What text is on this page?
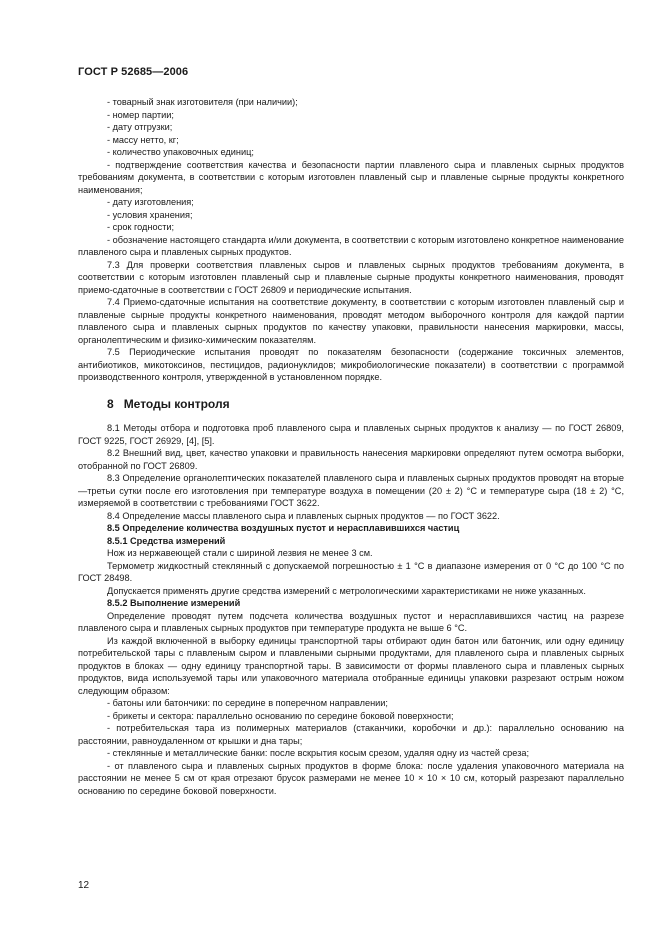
ГОСТ Р 52685—2006

- товарный знак изготовителя (при наличии);

- номер партии;

- дату отгрузки;

- массу нетто, кг;

- количество упаковочных единиц;

- подтверждение соответствия качества и безопасности партии плавленого сыра и плавленых сырных продуктов требованиям документа, в соответствии с которым изготовлен плавленый сыр и плавленые сырные продукты конкретного наименования;

- дату изготовления;

- условия хранения;

- срок годности;

- обозначение настоящего стандарта и/или документа, в соответствии с которым изготовлено конкретное наименование плавленого сыра и плавленых сырных продуктов.

7.3 Для проверки соответствия плавленых сыров и плавленых сырных продуктов требованиям документа, в соответствии с которым изготовлен плавленый сыр и плавленые сырные продукты конкретного наименования, проводят приемо-сдаточные в соответствии с ГОСТ 26809 и периодические испытания.

7.4 Приемо-сдаточные испытания на соответствие документу, в соответствии с которым изготовлен плавленый сыр и плавленые сырные продукты конкретного наименования, проводят методом выборочного контроля для каждой партии плавленого сыра и плавленых сырных продуктов по качеству упаковки, правильности нанесения маркировки, массы, органолептическим и физико-химическим показателям.

7.5 Периодические испытания проводят по показателям безопасности (содержание токсичных элементов, антибиотиков, микотоксинов, пестицидов, радионуклидов; микробиологические показатели) в соответствии с программой производственного контроля, утвержденной в установленном порядке.

8 Методы контроля

8.1 Методы отбора и подготовка проб плавленого сыра и плавленых сырных продуктов к анализу — по ГОСТ 26809, ГОСТ 9225, ГОСТ 26929, [4], [5].

8.2 Внешний вид, цвет, качество упаковки и правильность нанесения маркировки определяют путем осмотра выборки, отобранной по ГОСТ 26809.

8.3 Определение органолептических показателей плавленого сыра и плавленых сырных продуктов проводят на вторые—третьи сутки после его изготовления при температуре воздуха в помещении (20 ± 2) °С и температуре сыра (18 ± 2) °С, измеряемой в соответствии с требованиями ГОСТ 3622.

8.4 Определение массы плавленого сыра и плавленых сырных продуктов — по ГОСТ 3622.

8.5 Определение количества воздушных пустот и нерасплавившихся частиц

8.5.1 Средства измерений

Нож из нержавеющей стали с шириной лезвия не менее 3 см.

Термометр жидкостный стеклянный с допускаемой погрешностью ± 1 °С в диапазоне измерения от 0 °С до 100 °С по ГОСТ 28498.

Допускается применять другие средства измерений с метрологическими характеристиками не ниже указанных.

8.5.2 Выполнение измерений

Определение проводят путем подсчета количества воздушных пустот и нерасплавившихся частиц на разрезе плавленого сыра и плавленых сырных продуктов при температуре продукта не выше 6 °С.

Из каждой включенной в выборку единицы транспортной тары отбирают один батон или батончик, или одну единицу потребительской тары с плавленым сыром и плавлеными сырными продуктами, для плавленого сыра и плавленых сырных продуктов в блоках — одну единицу транспортной тары. В зависимости от формы плавленого сыра и плавленых сырных продуктов, вида используемой тары или упаковочного материала отобранные единицы упаковки разрезают острым ножом следующим образом:

- батоны или батончики: по середине в поперечном направлении;

- брикеты и сектора: параллельно основанию по середине боковой поверхности;

- потребительская тара из полимерных материалов (стаканчики, коробочки и др.): параллельно основанию на расстоянии, равноудаленном от крышки и дна тары;

- стеклянные и металлические банки: после вскрытия косым срезом, удаляя одну из частей среза;

- от плавленого сыра и плавленых сырных продуктов в форме блока: после удаления упаковочного материала на расстоянии не менее 5 см от края отрезают брусок размерами не менее 10 × 10 × 10 см, который разрезают параллельно основанию по середине боковой поверхности.

12
